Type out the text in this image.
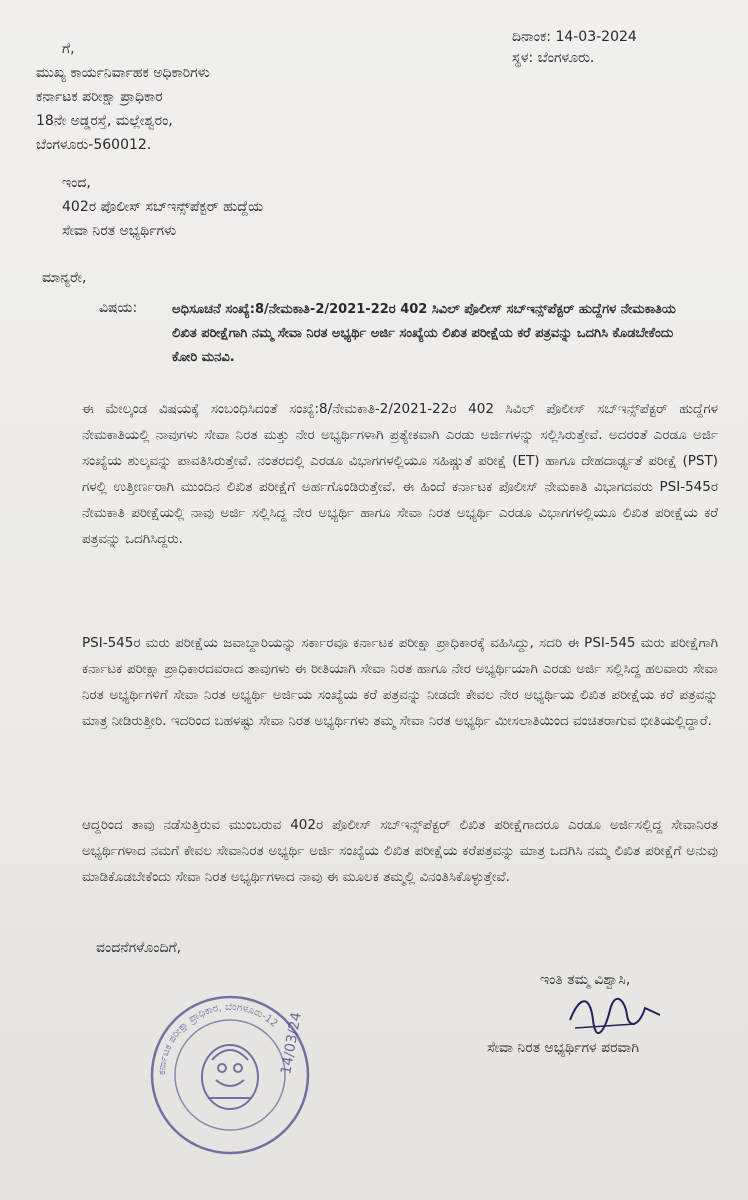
ದಿನಾಂಕ: 14-03-2024
ಸ್ಥಳ: ಬೆಂಗಳೂರು.
ಗೆ,
ಮುಖ್ಯ ಕಾರ್ಯನಿರ್ವಾಹಕ ಅಧಿಕಾರಿಗಳು
ಕರ್ನಾಟಕ ಪರೀಕ್ಷಾ ಪ್ರಾಧಿಕಾರ
18ನೇ ಅಡ್ಡರಸ್ತೆ, ಮಲ್ಲೇಶ್ವರಂ,
ಬೆಂಗಳೂರು-560012.
ಇಂದ,
402ರ ಪೊಲೀಸ್ ಸಬ್‌ಇನ್ಸ್‌ಪೆಕ್ಟರ್ ಹುದ್ದೆಯ
ಸೇವಾ ನಿರತ ಅಭ್ಯರ್ಥಿಗಳು
ಮಾನ್ಯರೇ,
ವಿಷಯ:	ಅಧಿಸೂಚನೆ ಸಂಖ್ಯೆ:8/ನೇಮಕಾತಿ-2/2021-22ರ 402 ಸಿವಿಲ್ ಪೊಲೀಸ್ ಸಬ್‌ಇನ್ಸ್‌ಪೆಕ್ಟರ್ ಹುದ್ದೆಗಳ ನೇಮಕಾತಿಯ ಲಿಖಿತ ಪರೀಕ್ಷೆಗಾಗಿ ನಮ್ಮ ಸೇವಾ ನಿರತ ಅಭ್ಯರ್ಥಿ ಅರ್ಜಿ ಸಂಖ್ಯೆಯ ಲಿಖಿತ ಪರೀಕ್ಷೆಯ ಕರೆ ಪತ್ರವನ್ನು ಒದಗಿಸಿ ಕೊಡಬೇಕೆಂದು ಕೋರಿ ಮನವಿ.
ಈ ಮೇಲ್ಕಂಡ ವಿಷಯಕ್ಕೆ ಸಂಬಂಧಿಸಿದಂತೆ ಸಂಖ್ಯೆ:8/ನೇಮಕಾತಿ-2/2021-22ರ 402 ಸಿವಿಲ್ ಪೊಲೀಸ್ ಸಬ್‌ಇನ್ಸ್‌ಪೆಕ್ಟರ್ ಹುದ್ದೆಗಳ ನೇಮಕಾತಿಯಲ್ಲಿ ನಾವುಗಳು ಸೇವಾ ನಿರತ ಮತ್ತು ನೇರ ಅಭ್ಯರ್ಥಿಗಳಾಗಿ ಪ್ರತ್ಯೇಕವಾಗಿ ಎರಡು ಅರ್ಜಿಗಳನ್ನು ಸಲ್ಲಿಸಿರುತ್ತೇವೆ. ಅದರಂತೆ ಎರಡೂ ಅರ್ಜಿ ಸಂಖ್ಯೆಯ ಶುಲ್ಕವನ್ನು ಪಾವತಿಸಿರುತ್ತೇವೆ. ನಂತರದಲ್ಲಿ ಎರಡೂ ವಿಭಾಗಗಳಲ್ಲಿಯೂ ಸಹಿಷ್ಣುತೆ ಪರೀಕ್ಷೆ (ET) ಹಾಗೂ ದೇಹದಾರ್ಢ್ಯತೆ ಪರೀಕ್ಷೆ (PST) ಗಳಲ್ಲಿ ಉತ್ತೀರ್ಣರಾಗಿ ಮುಂದಿನ ಲಿಖಿತ ಪರೀಕ್ಷೆಗೆ ಅರ್ಹಗೊಂಡಿರುತ್ತೇವೆ. ಈ ಹಿಂದೆ ಕರ್ನಾಟಕ ಪೊಲೀಸ್ ನೇಮಕಾತಿ ವಿಭಾಗದವರು PSI-545ರ ನೇಮಕಾತಿ ಪರೀಕ್ಷೆಯಲ್ಲಿ ನಾವು ಅರ್ಜಿ ಸಲ್ಲಿಸಿದ್ದ ನೇರ ಅಭ್ಯರ್ಥಿ ಹಾಗೂ ಸೇವಾ ನಿರತ ಅಭ್ಯರ್ಥಿ ಎರಡೂ ವಿಭಾಗಗಳಲ್ಲಿಯೂ ಲಿಖಿತ ಪರೀಕ್ಷೆಯ ಕರೆ ಪತ್ರವನ್ನು ಒದಗಿಸಿದ್ದರು.
PSI-545ರ ಮರು ಪರೀಕ್ಷೆಯ ಜವಾಬ್ದಾರಿಯನ್ನು ಸರ್ಕಾರವೂ ಕರ್ನಾಟಕ ಪರೀಕ್ಷಾ ಪ್ರಾಧಿಕಾರಕ್ಕೆ ವಹಿಸಿದ್ದು, ಸದರಿ ಈ PSI-545 ಮರು ಪರೀಕ್ಷೆಗಾಗಿ ಕರ್ನಾಟಕ ಪರೀಕ್ಷಾ ಪ್ರಾಧಿಕಾರದವರಾದ ತಾವುಗಳು ಈ ರೀತಿಯಾಗಿ ಸೇವಾ ನಿರತ ಹಾಗೂ ನೇರ ಅಭ್ಯರ್ಥಿಯಾಗಿ ಎರಡು ಅರ್ಜಿ ಸಲ್ಲಿಸಿದ್ದ ಹಲವಾರು ಸೇವಾ ನಿರತ ಅಭ್ಯರ್ಥಿಗಳಿಗೆ ಸೇವಾ ನಿರತ ಅಭ್ಯರ್ಥಿ ಅರ್ಜಿಯ ಸಂಖ್ಯೆಯ ಕರೆ ಪತ್ರವನ್ನು ನೀಡದೇ ಕೇವಲ ನೇರ ಅಭ್ಯರ್ಥಿಯ ಲಿಖಿತ ಪರೀಕ್ಷೆಯ ಕರೆ ಪತ್ರವನ್ನು ಮಾತ್ರ ನೀಡಿರುತ್ತೀರಿ. ಇದರಿಂದ ಬಹಳಷ್ಟು ಸೇವಾ ನಿರತ ಅಭ್ಯರ್ಥಿಗಳು ತಮ್ಮ ಸೇವಾ ನಿರತ ಅಭ್ಯರ್ಥಿ ಮೀಸಲಾತಿಯಿಂದ ವಂಚಿತರಾಗುವ ಭೀತಿಯಲ್ಲಿದ್ದಾರೆ.
ಆದ್ದರಿಂದ ತಾವು ನಡೆಸುತ್ತಿರುವ ಮುಂಬರುವ 402ರ ಪೊಲೀಸ್ ಸಬ್‌ಇನ್ಸ್‌ಪೆಕ್ಟರ್ ಲಿಖಿತ ಪರೀಕ್ಷೆಗಾದರೂ ಎರಡೂ ಅರ್ಜಿಸಲ್ಲಿದ್ದ ಸೇವಾನಿರತ ಅಭ್ಯರ್ಥಿಗಳಾದ ನಮಗೆ ಕೇವಲ ಸೇವಾನಿರತ ಅಭ್ಯರ್ಥಿ ಅರ್ಜಿ ಸಂಖ್ಯೆಯ ಲಿಖಿತ ಪರೀಕ್ಷೆಯ ಕರೆಪತ್ರವನ್ನು ಮಾತ್ರ ಒದಗಿಸಿ ನಮ್ಮ ಲಿಖಿತ ಪರೀಕ್ಷೆಗೆ ಅನುವು ಮಾಡಿಕೊಡಬೇಕೆಂದು ಸೇವಾ ನಿರತ ಅಭ್ಯರ್ಥಿಗಳಾದ ನಾವು ಈ ಮೂಲಕ ತಮ್ಮಲ್ಲಿ ವಿನಂತಿಸಿಕೊಳ್ಳುತ್ತೇವೆ.
ವಂದನೆಗಳೊಂದಿಗೆ,
ಇಂತಿ ತಮ್ಮ ವಿಶ್ವಾಸಿ,
ಸೇವಾ ನಿರತ ಅಭ್ಯರ್ಥಿಗಳ ಪರವಾಗಿ
ಕರ್ನಾಟಕ ಪರೀಕ್ಷಾ ಪ್ರಾಧಿಕಾರ, ಬೆಂಗಳೂರು-12
14/03/24
